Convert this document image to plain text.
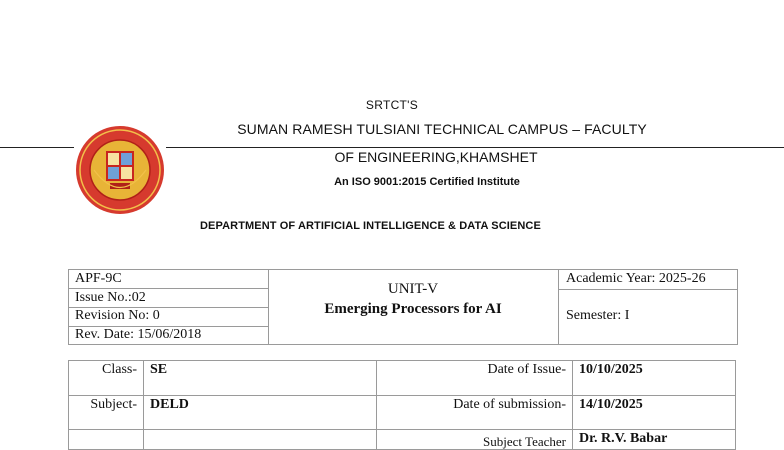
SRTCT'S
SUMAN RAMESH TULSIANI TECHNICAL CAMPUS – FACULTY
OF ENGINEERING,KHAMSHET
An ISO 9001:2015 Certified Institute
DEPARTMENT OF ARTIFICIAL INTELLIGENCE & DATA SCIENCE
APF-9C
Issue No.:02
Revision No: 0
Rev. Date: 15/06/2018
UNIT-V
Emerging Processors for AI
Academic Year: 2025-26
Semester: I
Class- SE	Date of Issue- 10/10/2025
Subject- DELD	Date of submission- 14/10/2025
Subject Teacher Dr. R.V. Babar
